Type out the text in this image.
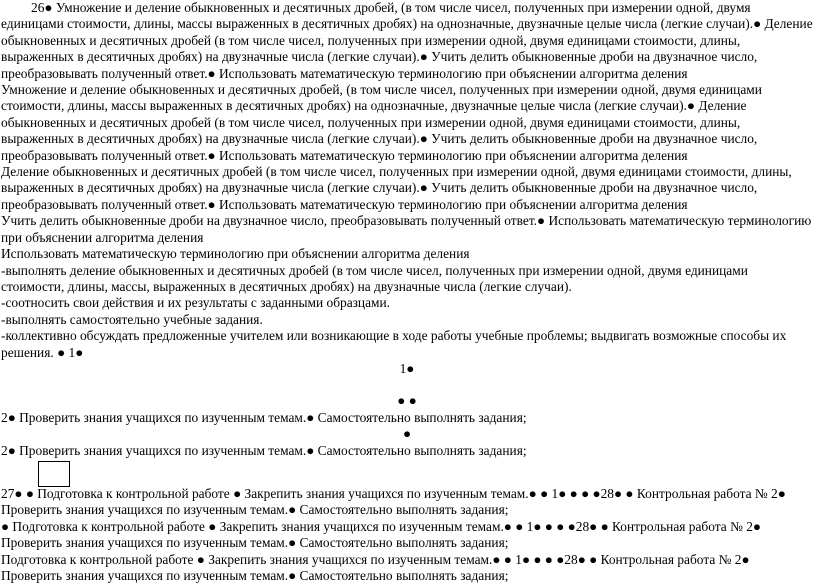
26● Умножение и деление обыкновенных и десятичных дробей, (в том числе чисел, полученных при измерении одной, двумя единицами стоимости, длины, массы выраженных в десятичных дробях) на однозначные, двузначные целые числа (легкие случаи).● Деление обыкновенных и десятичных дробей (в том числе чисел, полученных при измерении одной, двумя единицами стоимости, длины, выраженных в десятичных дробях) на двузначные числа (легкие случаи).● Учить делить обыкновенные дроби на двузначное число, преобразовывать полученный ответ.● Использовать математическую терминологию при объяснении алгоритма деления

Умножение и деление обыкновенных и десятичных дробей, (в том числе чисел, полученных при измерении одной, двумя единицами стоимости, длины, массы выраженных в десятичных дробях) на однозначные, двузначные целые числа (легкие случаи).● Деление обыкновенных и десятичных дробей (в том числе чисел, полученных при измерении одной, двумя единицами стоимости, длины, выраженных в десятичных дробях) на двузначные числа (легкие случаи).● Учить делить обыкновенные дроби на двузначное число, преобразовывать полученный ответ.● Использовать математическую терминологию при объяснении алгоритма деления

Деление обыкновенных и десятичных дробей (в том числе чисел, полученных при измерении одной, двумя единицами стоимости, длины, выраженных в десятичных дробях) на двузначные числа (легкие случаи).● Учить делить обыкновенные дроби на двузначное число, преобразовывать полученный ответ.● Использовать математическую терминологию при объяснении алгоритма деления

Учить делить обыкновенные дроби на двузначное число, преобразовывать полученный ответ.● Использовать математическую терминологию при объяснении алгоритма деления

Использовать математическую терминологию при объяснении алгоритма деления

-выполнять деление обыкновенных и десятичных дробей (в том числе чисел, полученных при измерении одной, двумя единицами стоимости, длины, массы, выраженных в десятичных дробях) на двузначные числа (легкие случаи).

-соотносить свои действия и их результаты с заданными образцами.

-выполнять самостоятельно учебные задания.

-коллективно обсуждать предложенные учителем или возникающие в ходе работы учебные проблемы; выдвигать возможные способы их решения. ● 1●

1●

● ●

2● Проверить знания учащихся по изученным темам.● Самостоятельно выполнять задания;

●

2● Проверить знания учащихся по изученным темам.● Самостоятельно выполнять задания;

27● ● Подготовка к контрольной работе ● Закрепить знания учащихся по изученным темам.● ● 1● ● ● ●28● ● Контрольная работа № 2● Проверить знания учащихся по изученным темам.● Самостоятельно выполнять задания;

● Подготовка к контрольной работе ● Закрепить знания учащихся по изученным темам.● ● 1● ● ● ●28● ● Контрольная работа № 2● Проверить знания учащихся по изученным темам.● Самостоятельно выполнять задания;

Подготовка к контрольной работе ● Закрепить знания учащихся по изученным темам.● ● 1● ● ● ●28● ● Контрольная работа № 2● Проверить знания учащихся по изученным темам.● Самостоятельно выполнять задания;
